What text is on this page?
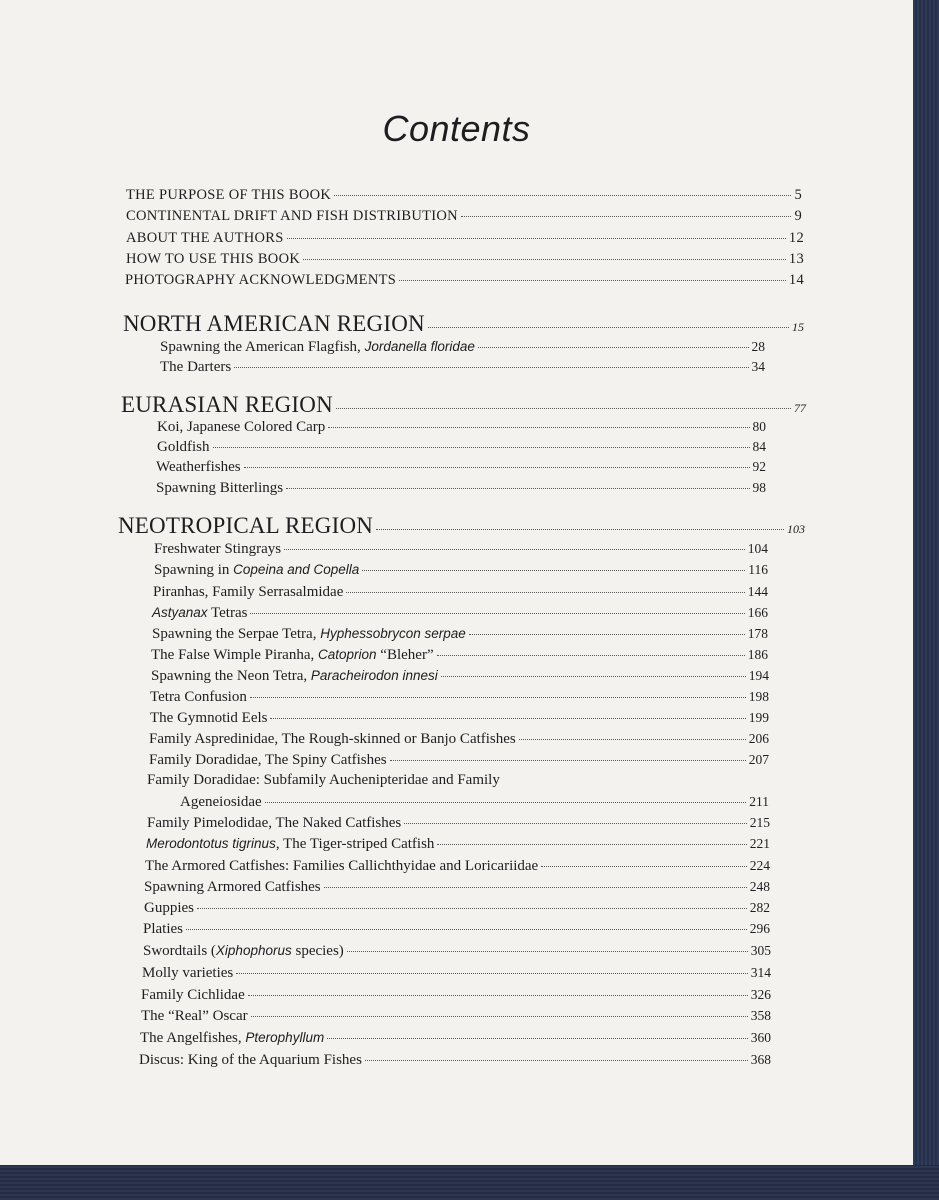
Contents
THE PURPOSE OF THIS BOOK	5
CONTINENTAL DRIFT AND FISH DISTRIBUTION	9
ABOUT THE AUTHORS	12
HOW TO USE THIS BOOK	13
PHOTOGRAPHY ACKNOWLEDGMENTS	14
NORTH AMERICAN REGION	15
Spawning the American Flagfish, Jordanella floridae	28
The Darters	34
EURASIAN REGION	77
Koi, Japanese Colored Carp	80
Goldfish	84
Weatherfishes	92
Spawning Bitterlings	98
NEOTROPICAL REGION	103
Freshwater Stingrays	104
Spawning in Copeina and Copella	116
Piranhas, Family Serrasalmidae	144
Astyanax Tetras	166
Spawning the Serpae Tetra, Hyphessobrycon serpae	178
The False Wimple Piranha, Catoprion “Bleher”	186
Spawning the Neon Tetra, Paracheirodon innesi	194
Tetra Confusion	198
The Gymnotid Eels	199
Family Aspredinidae, The Rough-skinned or Banjo Catfishes	206
Family Doradidae, The Spiny Catfishes	207
Family Doradidae: Subfamily Auchenipteridae and Family
Ageneiosidae	211
Family Pimelodidae, The Naked Catfishes	215
Merodontotus tigrinus, The Tiger-striped Catfish	221
The Armored Catfishes: Families Callichthyidae and Loricariidae	224
Spawning Armored Catfishes	248
Guppies	282
Platies	296
Swordtails (Xiphophorus species)	305
Molly varieties	314
Family Cichlidae	326
The “Real” Oscar	358
The Angelfishes, Pterophyllum	360
Discus: King of the Aquarium Fishes	368
